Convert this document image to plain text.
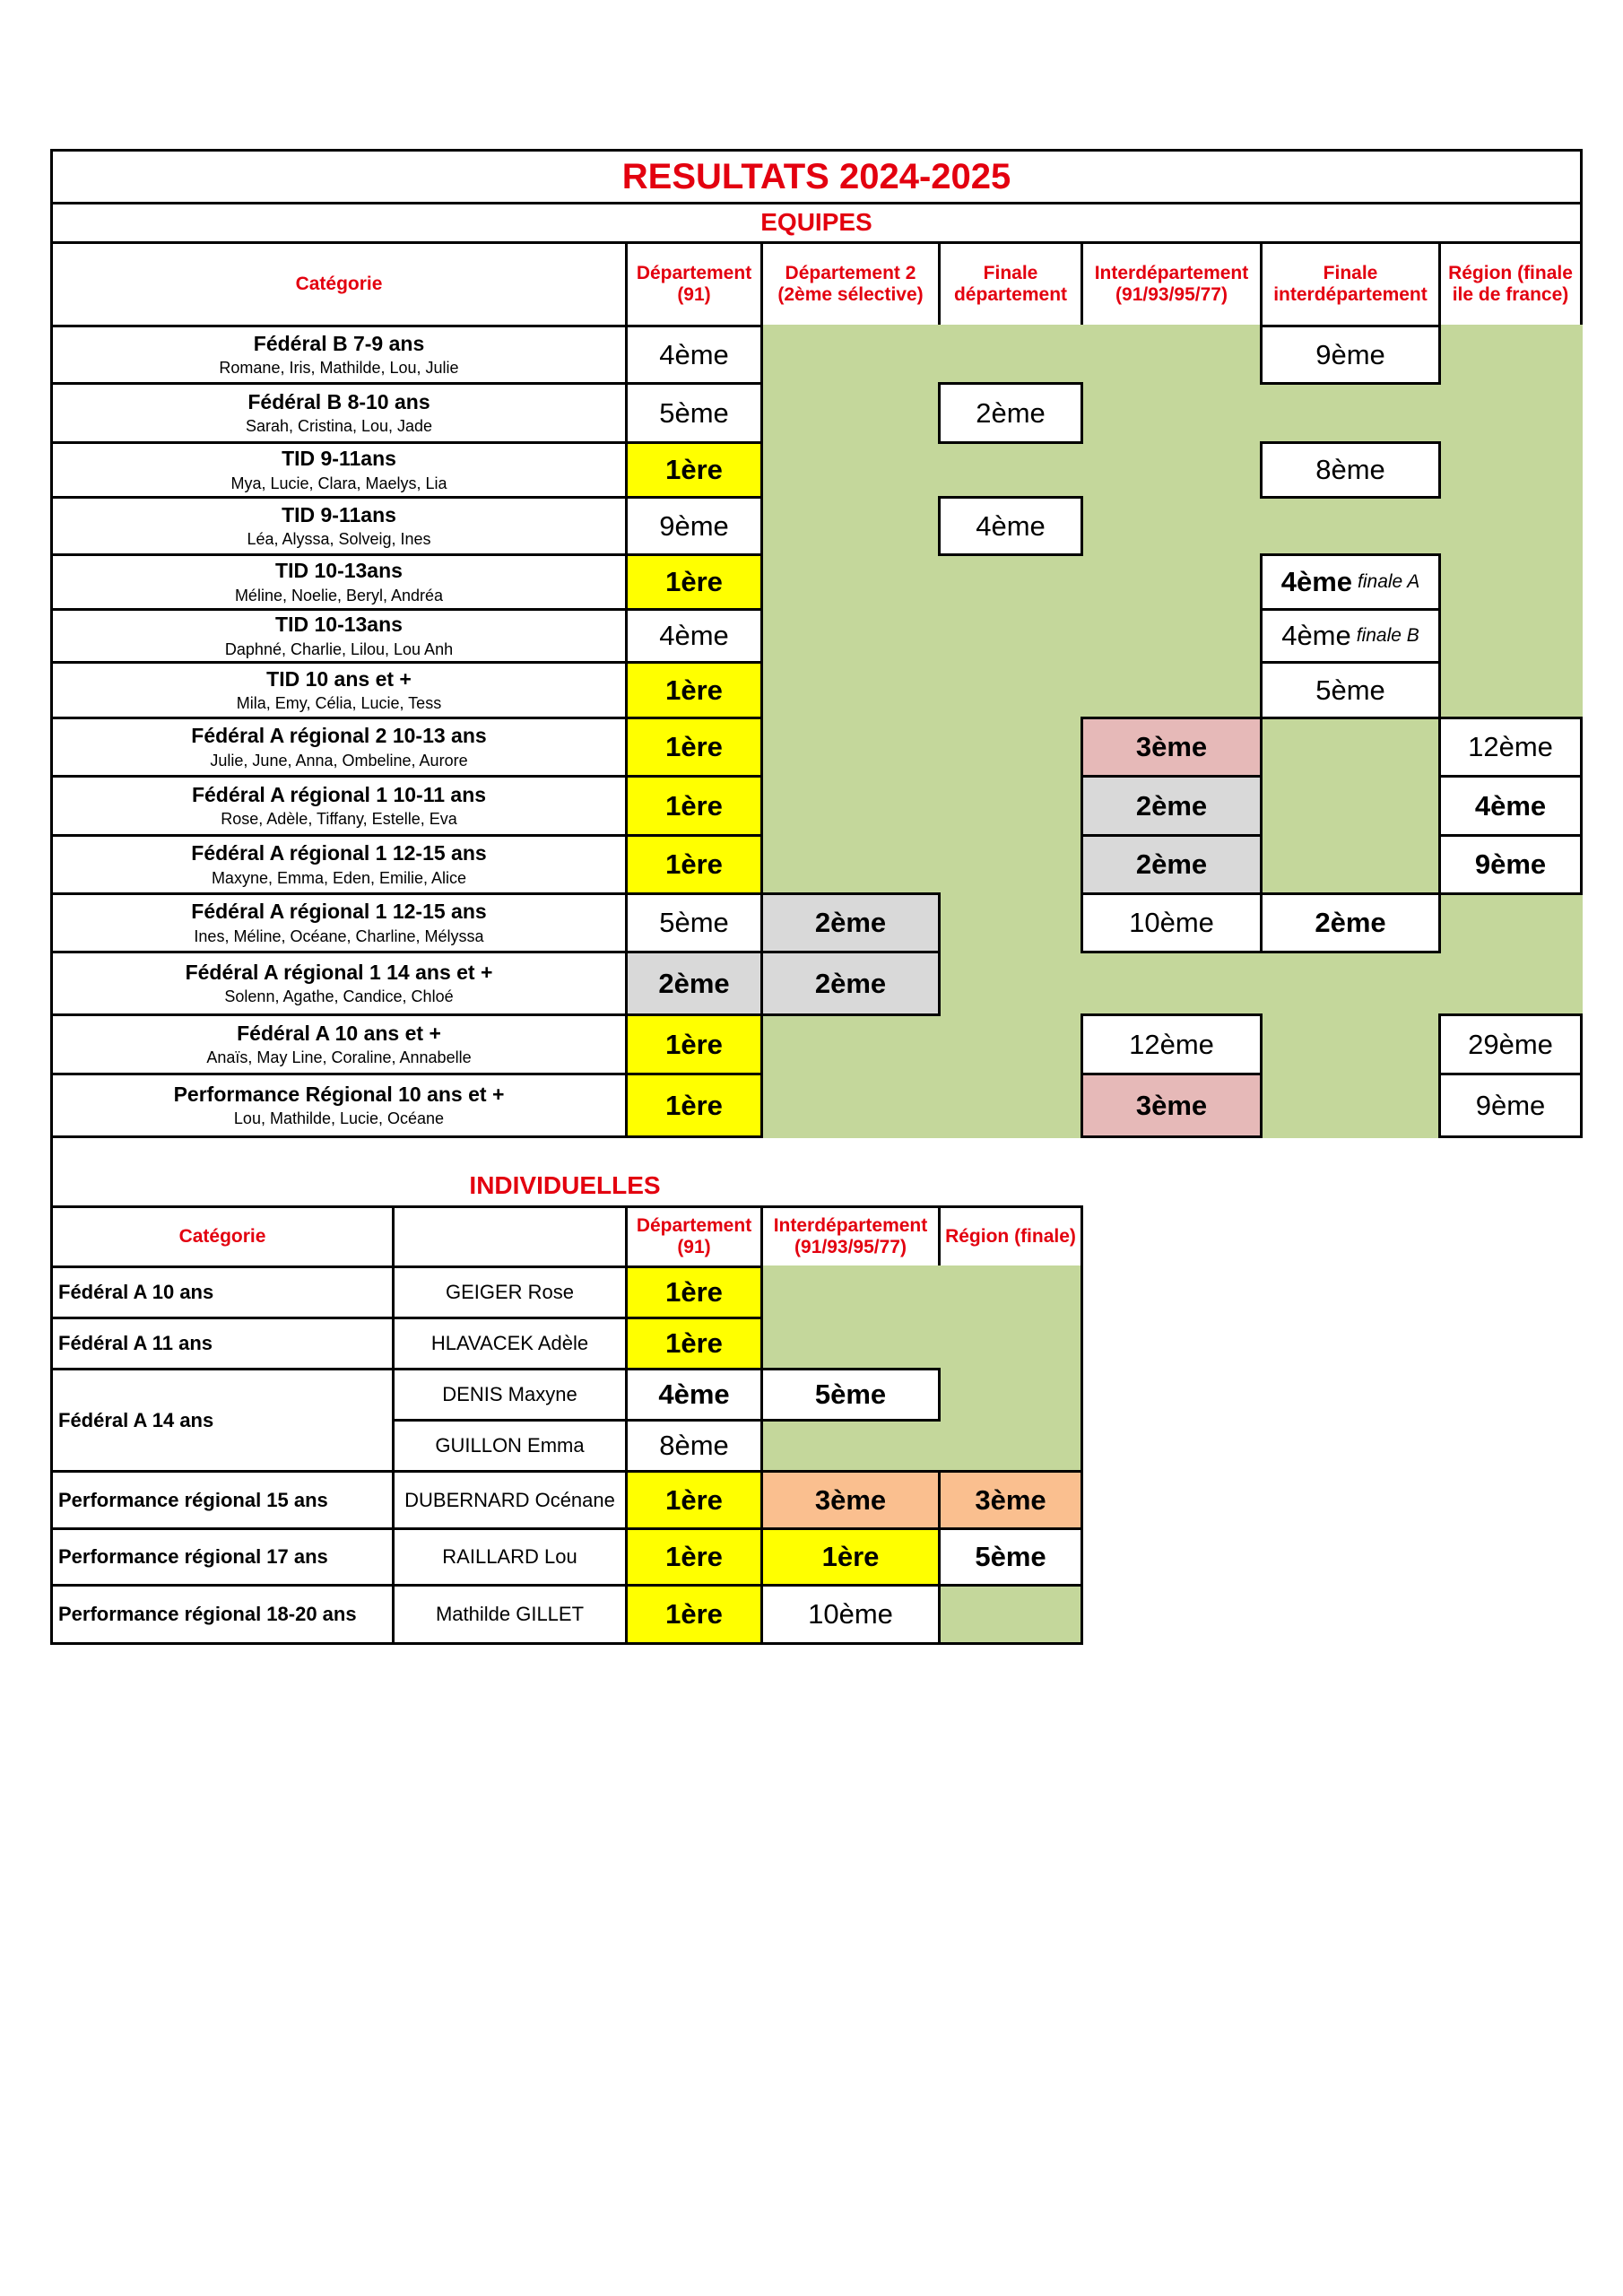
RESULTATS 2024-2025
EQUIPES
Catégorie
Département
(91)
Département 2
(2ème sélective)
Finale
département
Interdépartement
(91/93/95/77)
Finale
interdépartement
Région (finale
ile de france)
Fédéral B 7-9 ans
Romane, Iris, Mathilde, Lou, Julie
Fédéral B 8-10 ans
Sarah, Cristina, Lou, Jade
TID 9-11ans
Mya, Lucie, Clara, Maelys, Lia
TID 9-11ans
Léa, Alyssa, Solveig, Ines
TID 10-13ans
Méline, Noelie, Beryl, Andréa
TID 10-13ans
Daphné, Charlie, Lilou, Lou Anh
TID 10 ans et +
Mila, Emy, Célia, Lucie, Tess
Fédéral A régional 2 10-13 ans
Julie, June, Anna, Ombeline, Aurore
Fédéral A régional 1 10-11 ans
Rose, Adèle, Tiffany, Estelle, Eva
Fédéral A régional 1 12-15 ans
Maxyne, Emma, Eden, Emilie, Alice
Fédéral A régional 1 12-15 ans
Ines, Méline, Océane, Charline, Mélyssa
Fédéral A régional 1 14 ans et +
Solenn, Agathe, Candice, Chloé
Fédéral A 10 ans et +
Anaïs, May Line, Coraline, Annabelle
Performance Régional 10 ans et +
Lou, Mathilde, Lucie, Océane
4ème
5ème
1ère
9ème
1ère
4ème
1ère
1ère
1ère
1ère
5ème
2ème
1ère
1ère
2ème
2ème
2ème
4ème
3ème
2ème
2ème
10ème
12ème
3ème
9ème
8ème
4ème finale A
4ème finale B
5ème
2ème
12ème
4ème
9ème
29ème
9ème
INDIVIDUELLES
Catégorie
Département
(91)
Interdépartement
(91/93/95/77)
Région (finale)
Fédéral A 10 ans
Fédéral A 11 ans
Fédéral A 14 ans
Performance régional 15 ans
Performance régional 17 ans
Performance régional 18-20 ans
GEIGER Rose
HLAVACEK Adèle
DENIS Maxyne
GUILLON Emma
DUBERNARD Océnane
RAILLARD Lou
Mathilde GILLET
1ère
1ère
4ème
8ème
1ère
1ère
1ère
5ème
3ème
1ère
10ème
3ème
5ème
